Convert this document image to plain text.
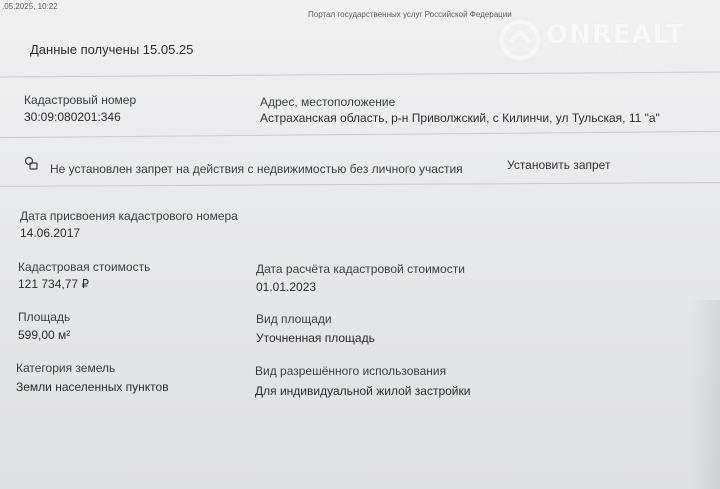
.05.2025, 10:22
Портал государственных услуг Российской Федерации
ONREALT
ДЕЛАЕМ МОЙ
Данные получены 15.05.25
Кадастровый номер
30:09:080201:346
Адрес, местоположение
Астраханская область, р-н Приволжский, с Килинчи, ул Тульская, 11 "а"
Не установлен запрет на действия с недвижимостью без личного участия	Установить запрет
Дата присвоения кадастрового номера
14.06.2017
Кадастровая стоимость
121 734,77 ₽
Дата расчёта кадастровой стоимости
01.01.2023
Площадь
599,00 м²
Вид площади
Уточненная площадь
Категория земель
Земли населенных пунктов
Вид разрешённого использования
Для индивидуальной жилой застройки
